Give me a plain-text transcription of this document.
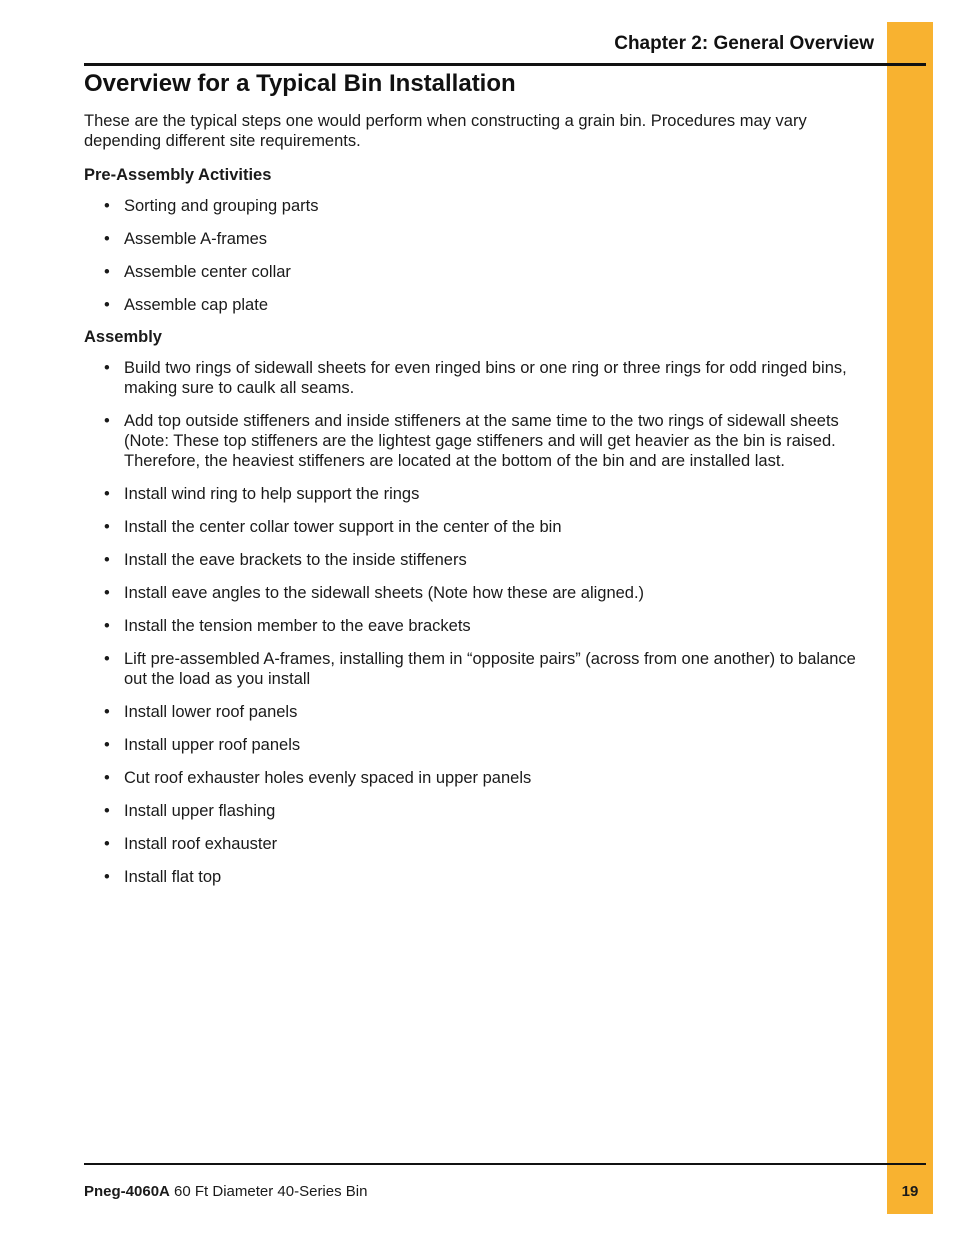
Chapter 2: General Overview
Overview for a Typical Bin Installation

These are the typical steps one would perform when constructing a grain bin. Procedures may vary depending different site requirements.

Pre-Assembly Activities
• Sorting and grouping parts
• Assemble A-frames
• Assemble center collar
• Assemble cap plate
Assembly
• Build two rings of sidewall sheets for even ringed bins or one ring or three rings for odd ringed bins, making sure to caulk all seams.
• Add top outside stiffeners and inside stiffeners at the same time to the two rings of sidewall sheets (Note: These top stiffeners are the lightest gage stiffeners and will get heavier as the bin is raised. Therefore, the heaviest stiffeners are located at the bottom of the bin and are installed last.
• Install wind ring to help support the rings
• Install the center collar tower support in the center of the bin
• Install the eave brackets to the inside stiffeners
• Install eave angles to the sidewall sheets (Note how these are aligned.)
• Install the tension member to the eave brackets
• Lift pre-assembled A-frames, installing them in “opposite pairs” (across from one another) to balance out the load as you install
• Install lower roof panels
• Install upper roof panels
• Cut roof exhauster holes evenly spaced in upper panels
• Install upper flashing
• Install roof exhauster
• Install flat top
Pneg-4060A 60 Ft Diameter 40-Series Bin	19
